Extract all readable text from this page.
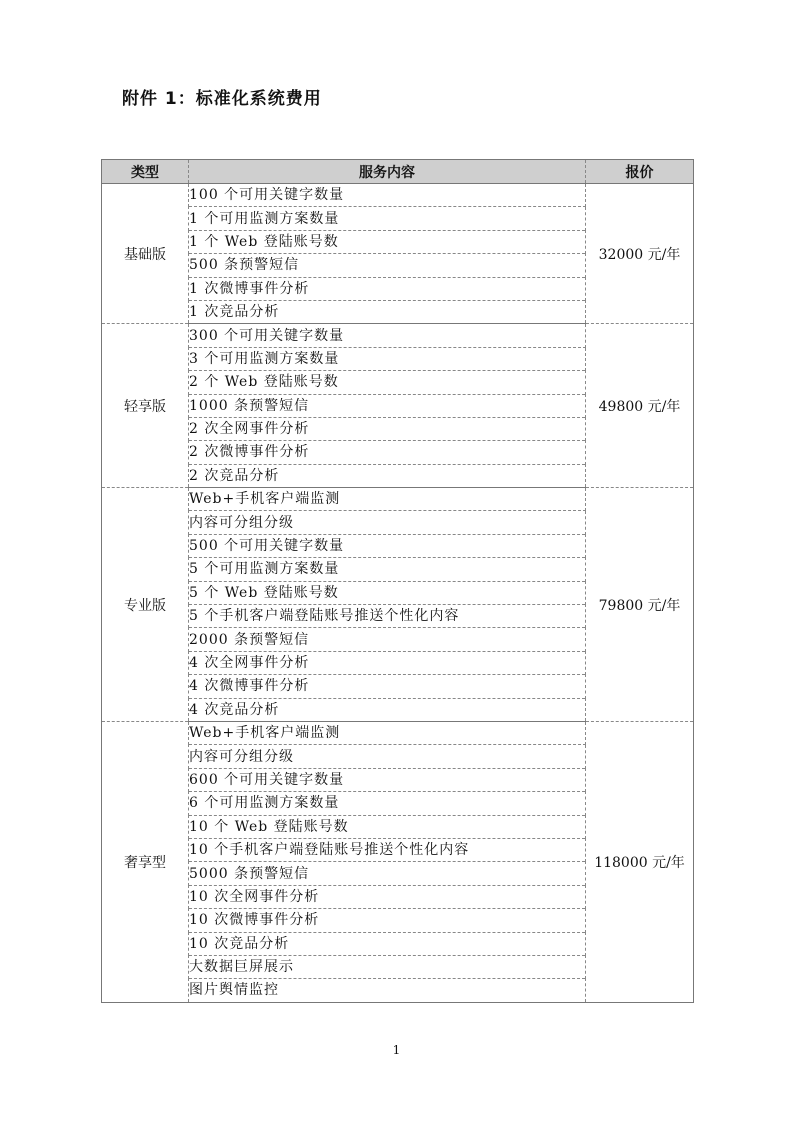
附件 1：标准化系统费用
类型	服务内容	报价
基础版	100 个可用关键字数量	32000 元/年
	1 个可用监测方案数量	
	1 个 Web 登陆账号数	
	500 条预警短信	
	1 次微博事件分析	
	1 次竞品分析	
轻享版	300 个可用关键字数量	49800 元/年
	3 个可用监测方案数量	
	2 个 Web 登陆账号数	
	1000 条预警短信	
	2 次全网事件分析	
	2 次微博事件分析	
	2 次竞品分析	
专业版	Web+手机客户端监测	79800 元/年
	内容可分组分级	
	500 个可用关键字数量	
	5 个可用监测方案数量	
	5 个 Web 登陆账号数	
	5 个手机客户端登陆账号推送个性化内容	
	2000 条预警短信	
	4 次全网事件分析	
	4 次微博事件分析	
	4 次竞品分析	
奢享型	Web+手机客户端监测	118000 元/年
	内容可分组分级	
	600 个可用关键字数量	
	6 个可用监测方案数量	
	10 个 Web 登陆账号数	
	10 个手机客户端登陆账号推送个性化内容	
	5000 条预警短信	
	10 次全网事件分析	
	10 次微博事件分析	
	10 次竞品分析	
	大数据巨屏展示	
	图片舆情监控	
1
